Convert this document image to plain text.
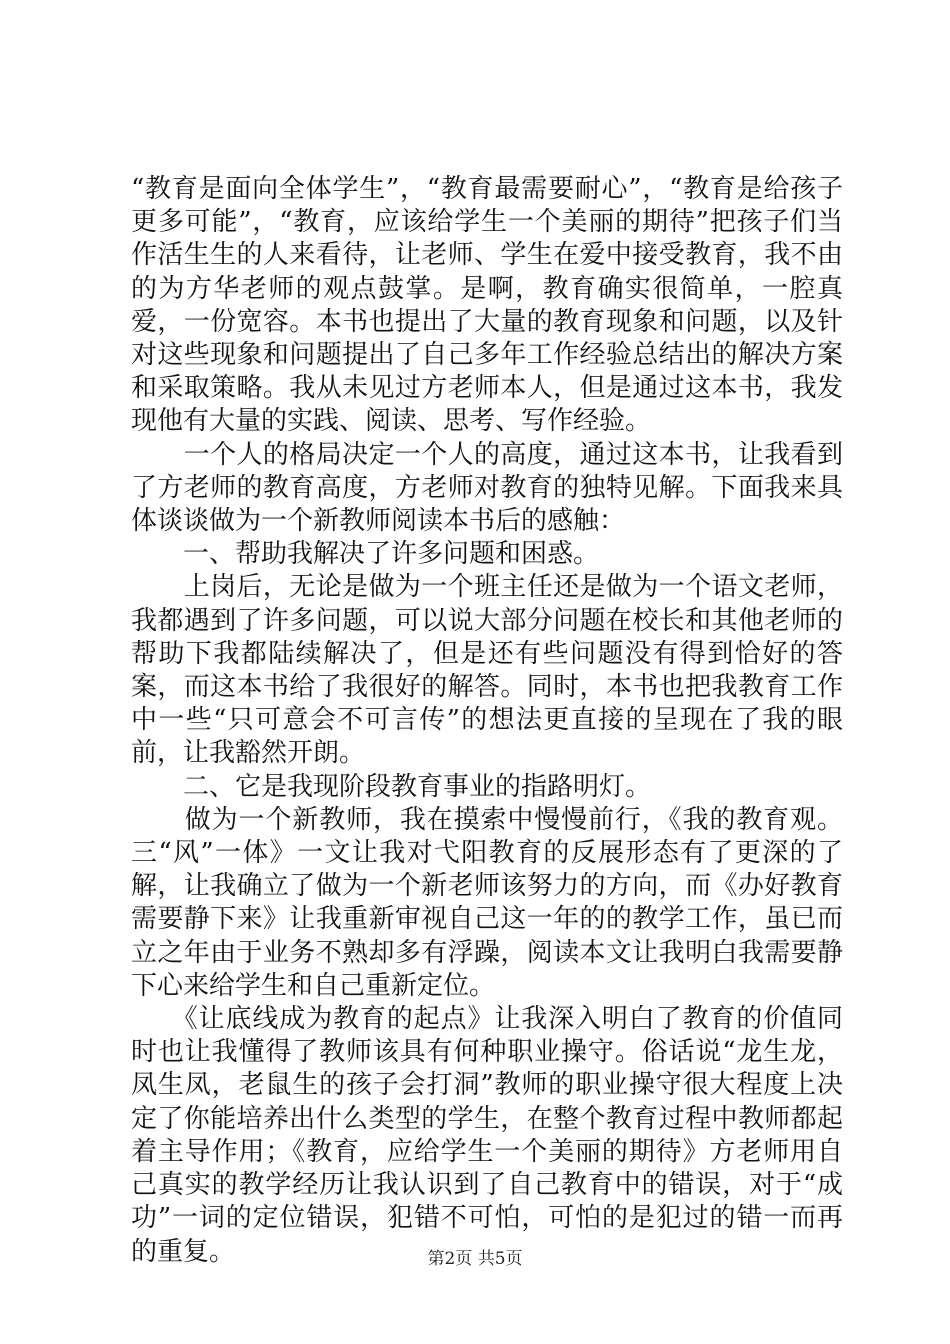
“教育是面向全体学生”，“教育最需要耐心”，“教育是给孩子更多可能”，“教育，应该给学生一个美丽的期待”把孩子们当作活生生的人来看待，让老师、学生在爱中接受教育，我不由的为方华老师的观点鼓掌。是啊，教育确实很简单，一腔真爱，一份宽容。本书也提出了大量的教育现象和问题，以及针对这些现象和问题提出了自己多年工作经验总结出的解决方案和采取策略。我从未见过方老师本人，但是通过这本书，我发现他有大量的实践、阅读、思考、写作经验。

　　一个人的格局决定一个人的高度，通过这本书，让我看到了方老师的教育高度，方老师对教育的独特见解。下面我来具体谈谈做为一个新教师阅读本书后的感触：

　　一、帮助我解决了许多问题和困惑。

　　上岗后，无论是做为一个班主任还是做为一个语文老师，我都遇到了许多问题，可以说大部分问题在校长和其他老师的帮助下我都陆续解决了，但是还有些问题没有得到恰好的答案，而这本书给了我很好的解答。同时，本书也把我教育工作中一些“只可意会不可言传”的想法更直接的呈现在了我的眼前，让我豁然开朗。

　　二、它是我现阶段教育事业的指路明灯。

　　做为一个新教师，我在摸索中慢慢前行，《我的教育观。三“风”一体》一文让我对弋阳教育的反展形态有了更深的了解，让我确立了做为一个新老师该努力的方向，而《办好教育需要静下来》让我重新审视自己这一年的的教学工作，虽已而立之年由于业务不熟却多有浮躁，阅读本文让我明白我需要静下心来给学生和自己重新定位。

　　《让底线成为教育的起点》让我深入明白了教育的价值同时也让我懂得了教师该具有何种职业操守。俗话说“龙生龙，凤生凤，老鼠生的孩子会打洞”教师的职业操守很大程度上决定了你能培养出什么类型的学生，在整个教育过程中教师都起着主导作用；《教育，应给学生一个美丽的期待》方老师用自己真实的教学经历让我认识到了自己教育中的错误，对于“成功”一词的定位错误，犯错不可怕，可怕的是犯过的错一而再的重复。	第2页 共5页
